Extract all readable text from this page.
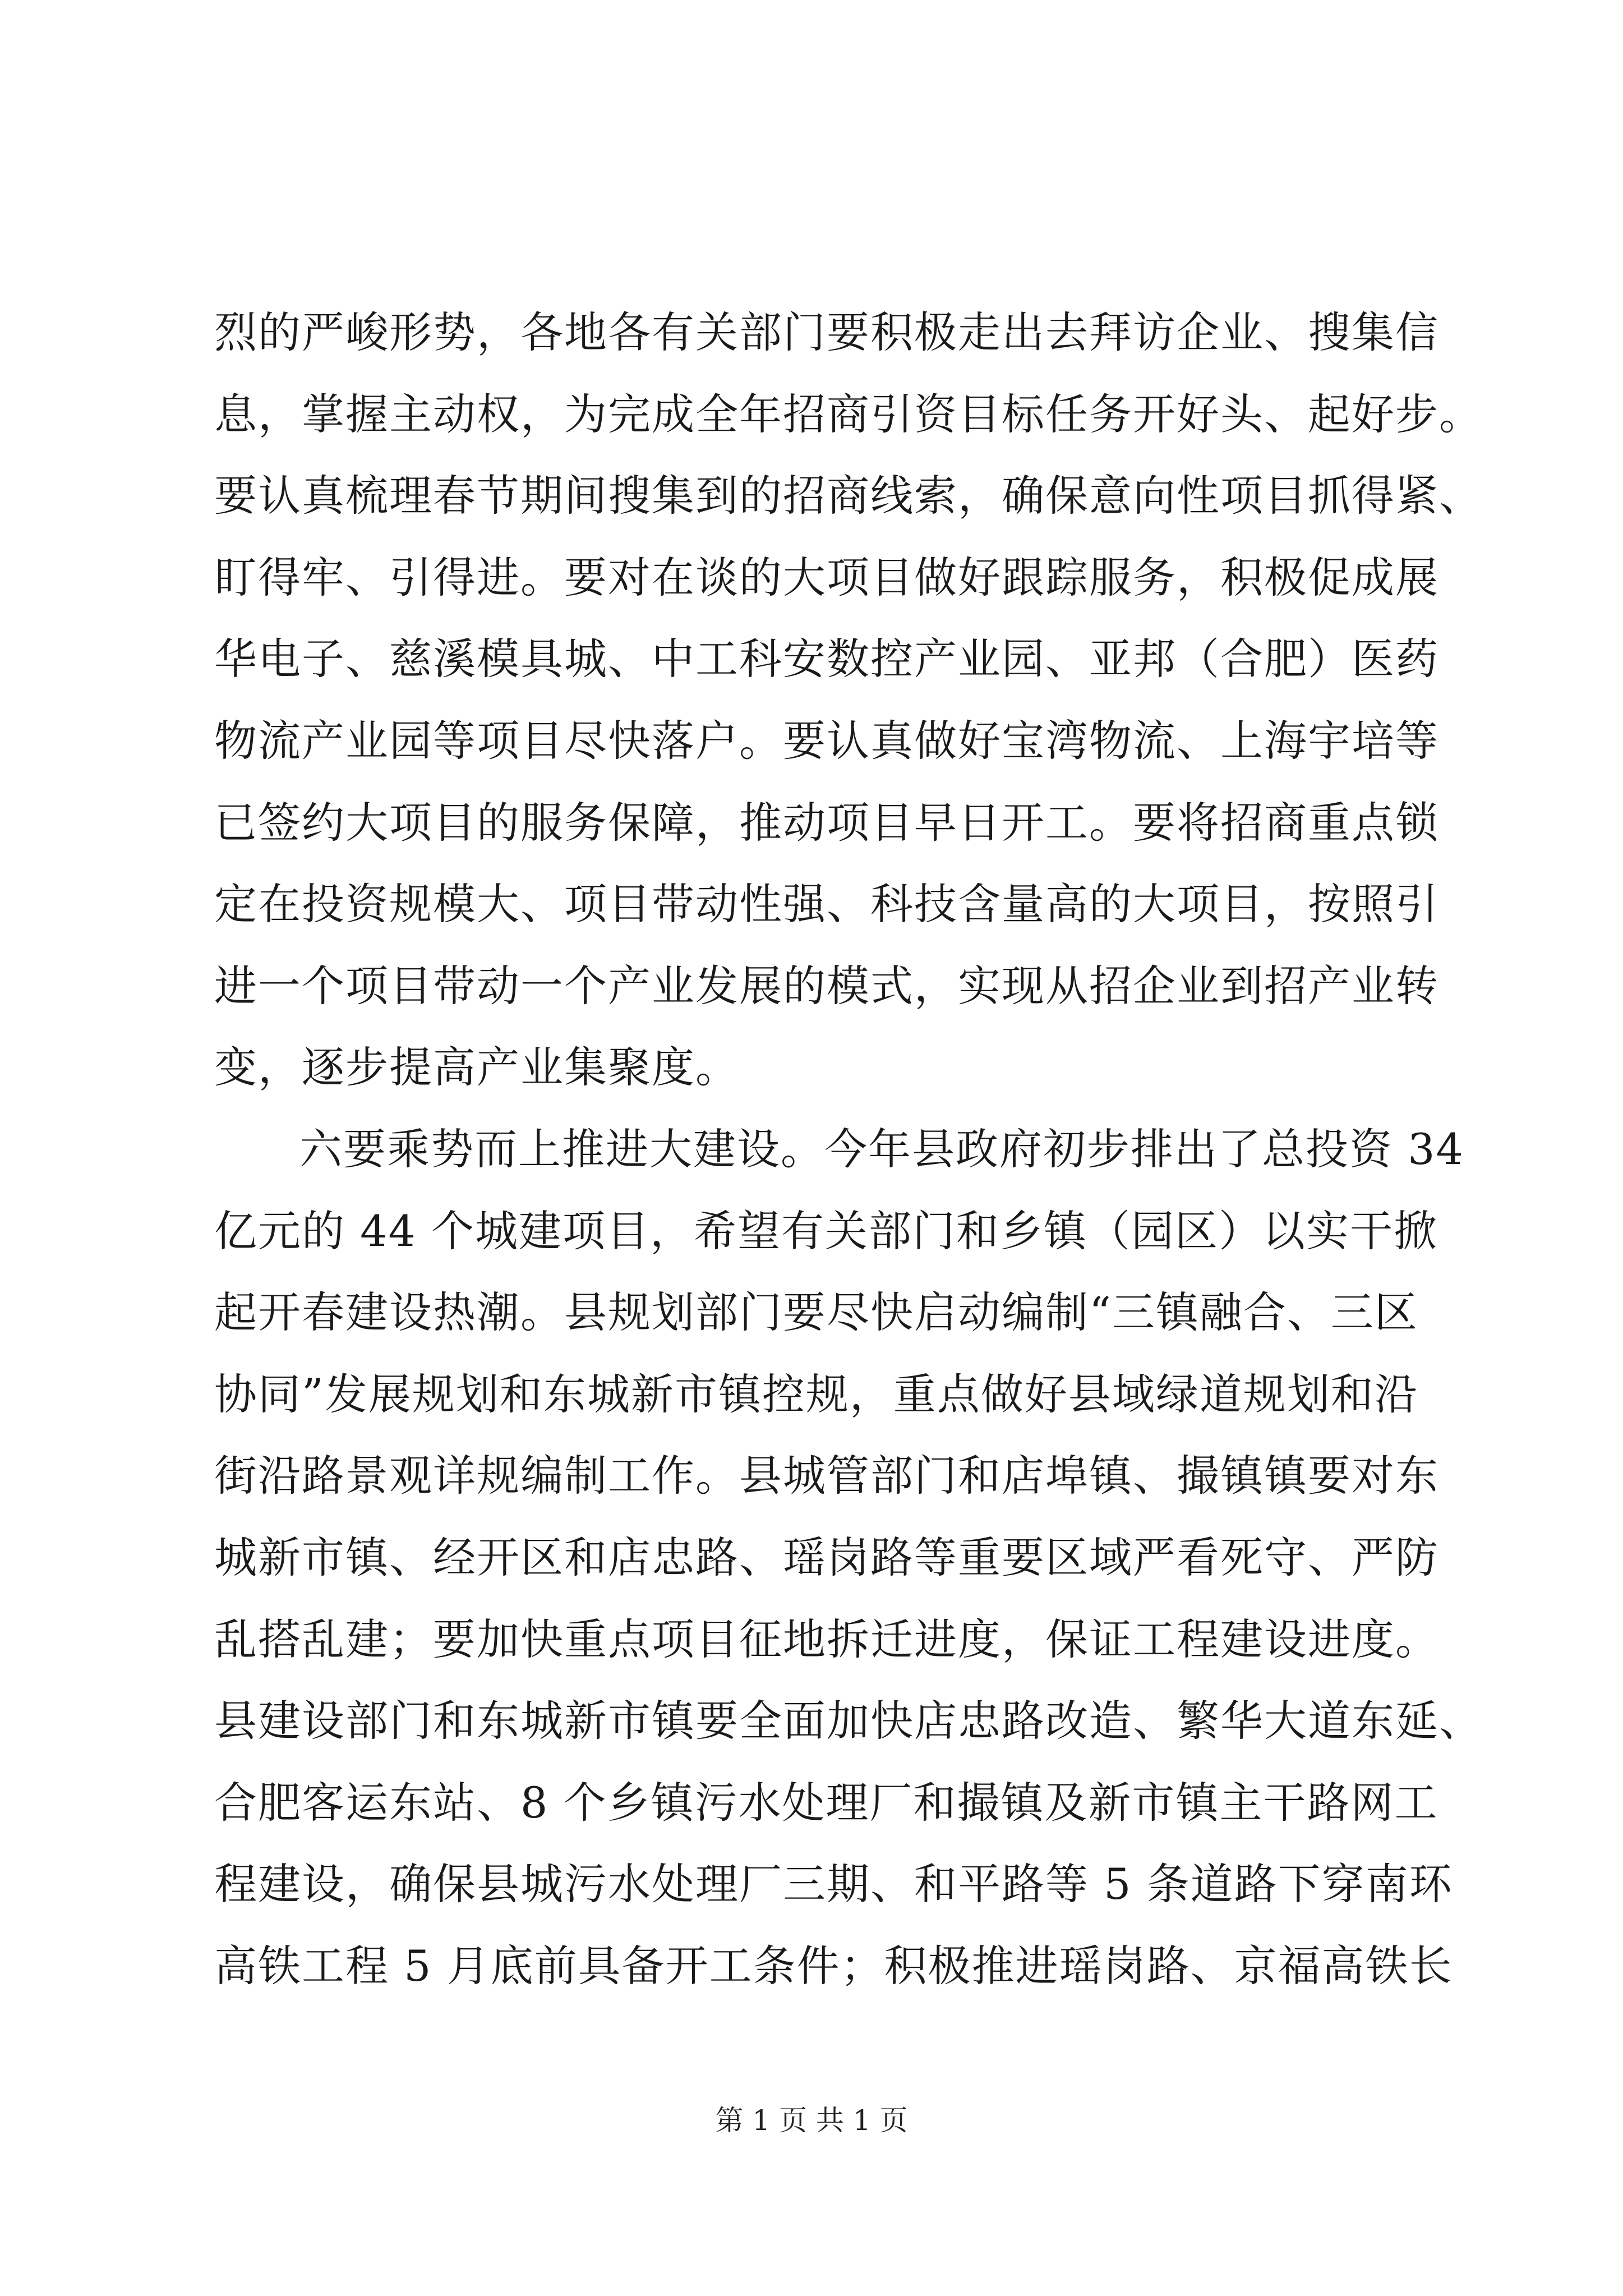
烈的严峻形势，各地各有关部门要积极走出去拜访企业、搜集信
息，掌握主动权，为完成全年招商引资目标任务开好头、起好步。
要认真梳理春节期间搜集到的招商线索，确保意向性项目抓得紧、
盯得牢、引得进。要对在谈的大项目做好跟踪服务，积极促成展
华电子、慈溪模具城、中工科安数控产业园、亚邦（合肥）医药
物流产业园等项目尽快落户。要认真做好宝湾物流、上海宇培等
已签约大项目的服务保障，推动项目早日开工。要将招商重点锁
定在投资规模大、项目带动性强、科技含量高的大项目，按照引
进一个项目带动一个产业发展的模式，实现从招企业到招产业转
变，逐步提高产业集聚度。
六要乘势而上推进大建设。今年县政府初步排出了总投资 34
亿元的 44 个城建项目，希望有关部门和乡镇（园区）以实干掀
起开春建设热潮。县规划部门要尽快启动编制“三镇融合、三区
协同”发展规划和东城新市镇控规，重点做好县域绿道规划和沿
街沿路景观详规编制工作。县城管部门和店埠镇、撮镇镇要对东
城新市镇、经开区和店忠路、瑶岗路等重要区域严看死守、严防
乱搭乱建；要加快重点项目征地拆迁进度，保证工程建设进度。
县建设部门和东城新市镇要全面加快店忠路改造、繁华大道东延、
合肥客运东站、8 个乡镇污水处理厂和撮镇及新市镇主干路网工
程建设，确保县城污水处理厂三期、和平路等 5 条道路下穿南环
高铁工程 5 月底前具备开工条件；积极推进瑶岗路、京福高铁长
第 1 页 共 1 页
